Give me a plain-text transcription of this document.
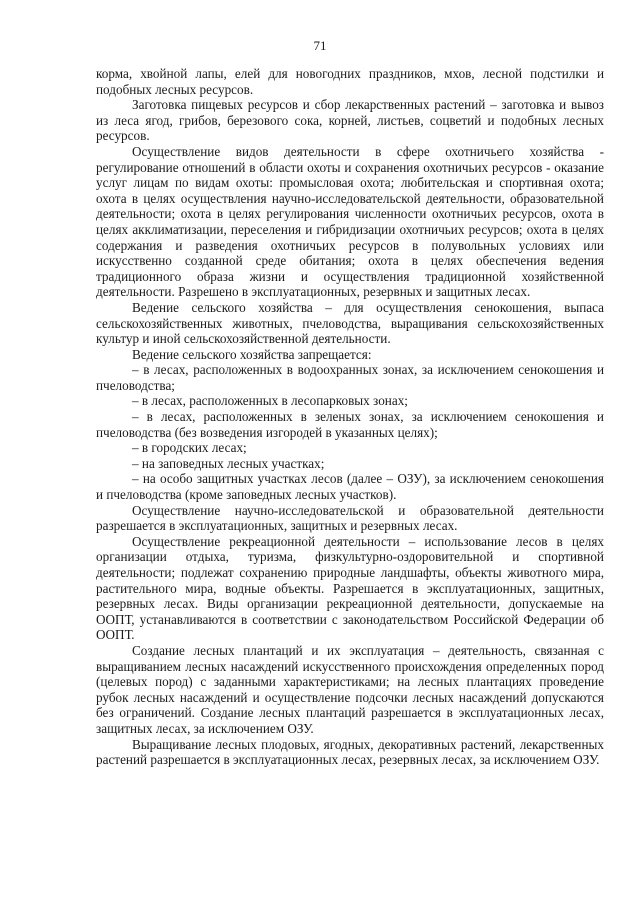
71

корма, хвойной лапы, елей для новогодних праздников, мхов, лесной подстилки и подобных лесных ресурсов.

Заготовка пищевых ресурсов и сбор лекарственных растений – заготовка и вывоз из леса ягод, грибов, березового сока, корней, листьев, соцветий и подобных лесных ресурсов.

Осуществление видов деятельности в сфере охотничьего хозяйства - регулирование отношений в области охоты и сохранения охотничьих ресурсов - оказание услуг лицам по видам охоты: промысловая охота; любительская и спортивная охота; охота в целях осуществления научно-исследовательской деятельности, образовательной деятельности; охота в целях регулирования численности охотничьих ресурсов, охота в целях акклиматизации, переселения и гибридизации охотничьих ресурсов; охота в целях содержания и разведения охотничьих ресурсов в полувольных условиях или искусственно созданной среде обитания; охота в целях обеспечения ведения традиционного образа жизни и осуществления традиционной хозяйственной деятельности. Разрешено в эксплуатационных, резервных и защитных лесах.

Ведение сельского хозяйства – для осуществления сенокошения, выпаса сельскохозяйственных животных, пчеловодства, выращивания сельскохозяйственных культур и иной сельскохозяйственной деятельности.

Ведение сельского хозяйства запрещается:

– в лесах, расположенных в водоохранных зонах, за исключением сенокошения и пчеловодства;

– в лесах, расположенных в лесопарковых зонах;

– в лесах, расположенных в зеленых зонах, за исключением сенокошения и пчеловодства (без возведения изгородей в указанных целях);

– в городских лесах;

– на заповедных лесных участках;

– на особо защитных участках лесов (далее – ОЗУ), за исключением сенокошения и пчеловодства (кроме заповедных лесных участков).

Осуществление научно-исследовательской и образовательной деятельности разрешается в эксплуатационных, защитных и резервных лесах.

Осуществление рекреационной деятельности – использование лесов в целях организации отдыха, туризма, физкультурно-оздоровительной и спортивной деятельности; подлежат сохранению природные ландшафты, объекты животного мира, растительного мира, водные объекты. Разрешается в эксплуатационных, защитных, резервных лесах. Виды организации рекреационной деятельности, допускаемые на ООПТ, устанавливаются в соответствии с законодательством Российской Федерации об ООПТ.

Создание лесных плантаций и их эксплуатация – деятельность, связанная с выращиванием лесных насаждений искусственного происхождения определенных пород (целевых пород) с заданными характеристиками; на лесных плантациях проведение рубок лесных насаждений и осуществление подсочки лесных насаждений допускаются без ограничений. Создание лесных плантаций разрешается в эксплуатационных лесах, защитных лесах, за исключением ОЗУ.

Выращивание лесных плодовых, ягодных, декоративных растений, лекарственных растений разрешается в эксплуатационных лесах, резервных лесах, за исключением ОЗУ.
